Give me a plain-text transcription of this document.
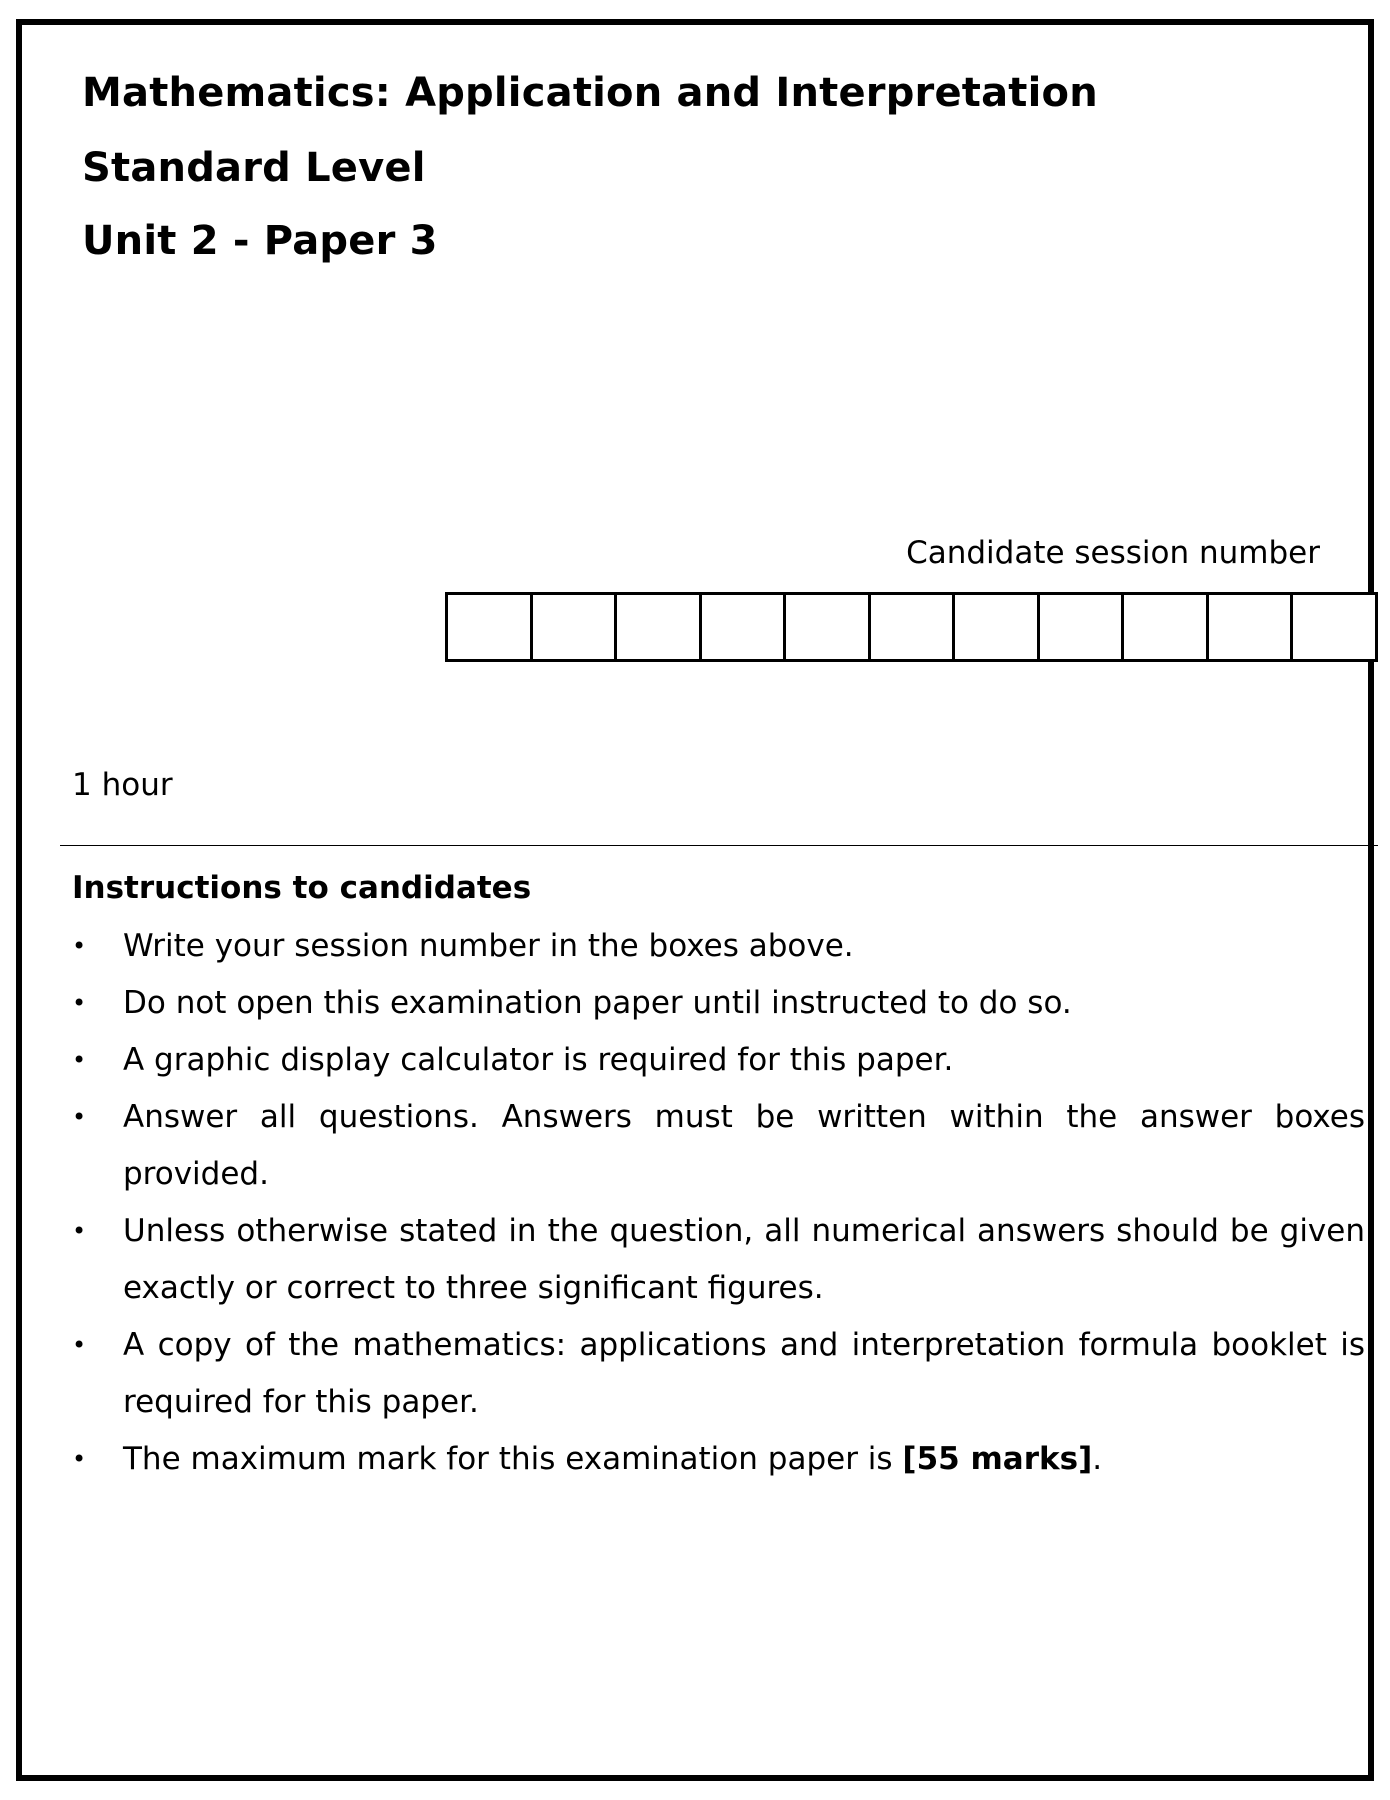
Mathematics: Application and Interpretation
Standard Level
Unit 2 - Paper 3
Candidate session number
1 hour
Instructions to candidates
• Write your session number in the boxes above.
• Do not open this examination paper until instructed to do so.
• A graphic display calculator is required for this paper.
• Answer all questions. Answers must be written within the answer boxes provided.
• Unless otherwise stated in the question, all numerical answers should be given exactly or correct to three significant figures.
• A copy of the mathematics: applications and interpretation formula booklet is required for this paper.
• The maximum mark for this examination paper is [55 marks].
